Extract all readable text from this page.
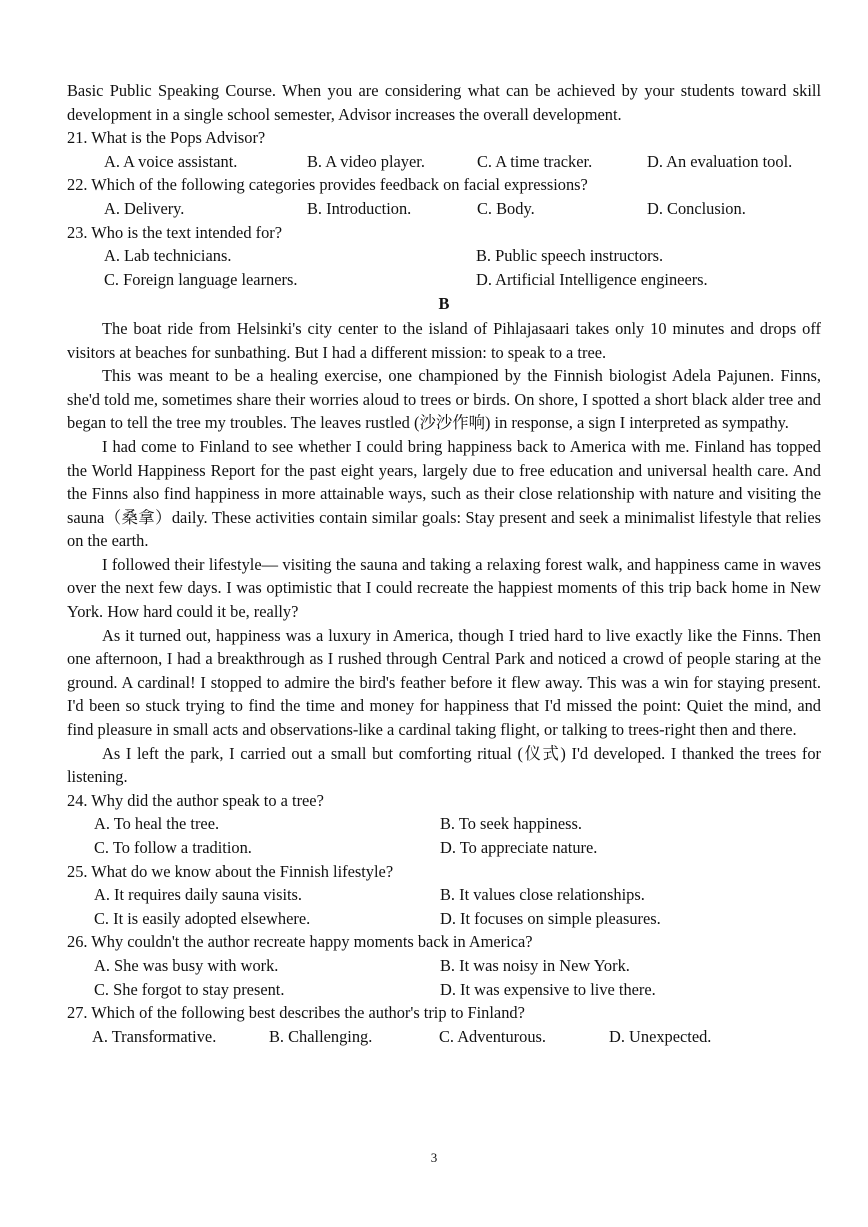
Basic Public Speaking Course. When you are considering what can be achieved by your students toward skill development in a single school semester, Advisor increases the overall development.

21. What is the Pops Advisor?

A. A voice assistant.	B. A video player.	C. A time tracker.	D. An evaluation tool.

22. Which of the following categories provides feedback on facial expressions?

A. Delivery.	B. Introduction.	C. Body.	D. Conclusion.

23. Who is the text intended for?

A. Lab technicians.	B. Public speech instructors.
C. Foreign language learners.	D. Artificial Intelligence engineers.
B

The boat ride from Helsinki's city center to the island of Pihlajasaari takes only 10 minutes and drops off visitors at beaches for sunbathing. But I had a different mission: to speak to a tree.

This was meant to be a healing exercise, one championed by the Finnish biologist Adela Pajunen. Finns, she'd told me, sometimes share their worries aloud to trees or birds. On shore, I spotted a short black alder tree and began to tell the tree my troubles. The leaves rustled (沙沙作响) in response, a sign I interpreted as sympathy.

I had come to Finland to see whether I could bring happiness back to America with me. Finland has topped the World Happiness Report for the past eight years, largely due to free education and universal health care. And the Finns also find happiness in more attainable ways, such as their close relationship with nature and visiting the sauna（桑拿）daily. These activities contain similar goals: Stay present and seek a minimalist lifestyle that relies on the earth.

I followed their lifestyle— visiting the sauna and taking a relaxing forest walk, and happiness came in waves over the next few days. I was optimistic that I could recreate the happiest moments of this trip back home in New York. How hard could it be, really?

As it turned out, happiness was a luxury in America, though I tried hard to live exactly like the Finns. Then one afternoon, I had a breakthrough as I rushed through Central Park and noticed a crowd of people staring at the ground. A cardinal! I stopped to admire the bird's feather before it flew away. This was a win for staying present. I'd been so stuck trying to find the time and money for happiness that I'd missed the point: Quiet the mind, and find pleasure in small acts and observations-like a cardinal taking flight, or talking to trees-right then and there.

As I left the park, I carried out a small but comforting ritual (仪式) I'd developed. I thanked the trees for listening.

24. Why did the author speak to a tree?

A. To heal the tree.	B. To seek happiness.
C. To follow a tradition.	D. To appreciate nature.

25. What do we know about the Finnish lifestyle?

A. It requires daily sauna visits.	B. It values close relationships.
C. It is easily adopted elsewhere.	D. It focuses on simple pleasures.

26. Why couldn't the author recreate happy moments back in America?

A. She was busy with work.	B. It was noisy in New York.
C. She forgot to stay present.	D. It was expensive to live there.

27. Which of the following best describes the author's trip to Finland?

A. Transformative.	B. Challenging.	C. Adventurous.	D. Unexpected.
3
